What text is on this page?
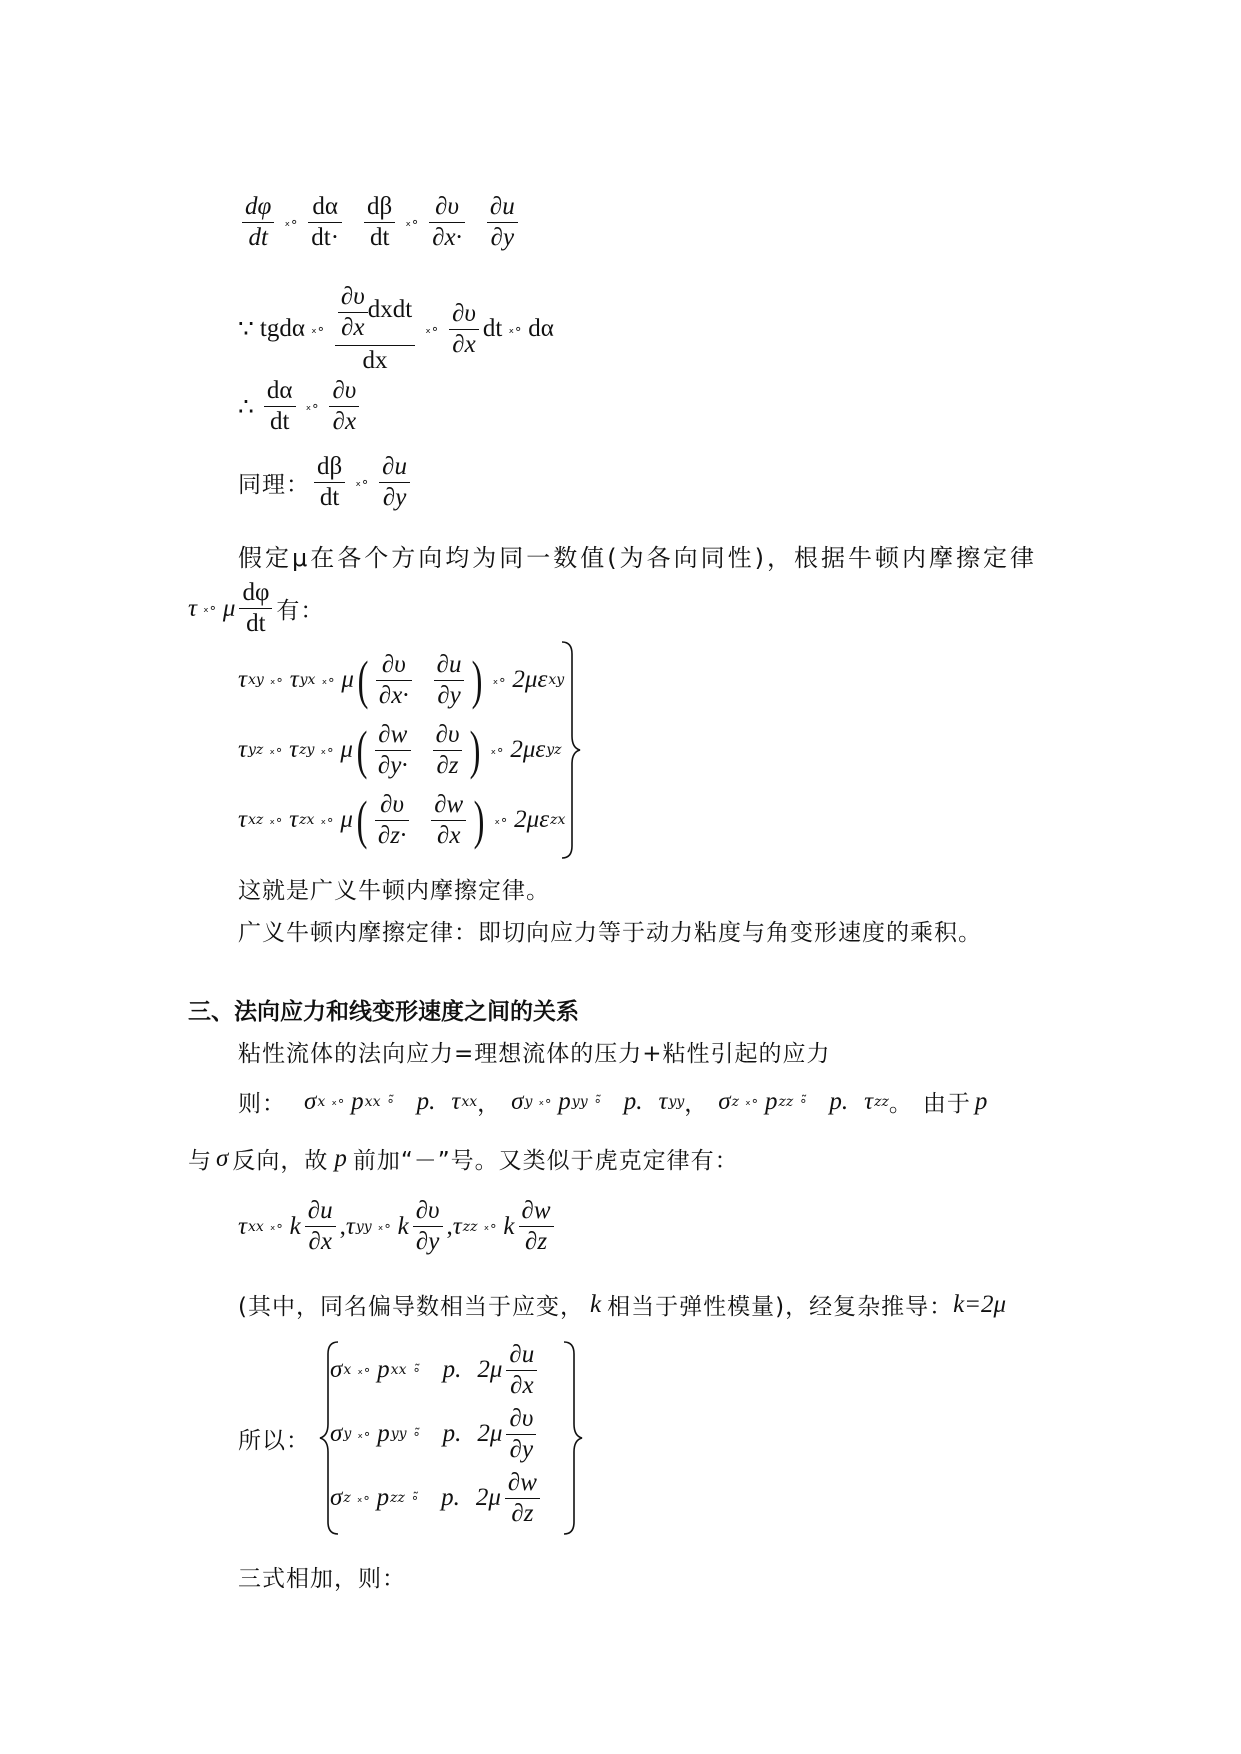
$\frac{d\varphi}{dt}$ ₓ∘ $\frac{d\alpha}{dt\cdot} \frac{d\beta}{dt}$ ₓ∘ $\frac{\partial\upsilon}{\partial x\cdot} \frac{\partial u}{\partial y}$
∵ tgdα ₓ∘ $\frac{\frac{\partial\upsilon}{\partial x} dxdt}{dx}$ ₓ∘ $\frac{\partial\upsilon}{\partial x}$ dt ₓ∘ dα
∴ $\frac{d\alpha}{dt}$ ₓ∘ $\frac{\partial\upsilon}{\partial x}$
同理： $\frac{d\beta}{dt}$ ₓ∘ $\frac{\partial u}{\partial y}$
假定μ在各个方向均为同一数值(为各向同性)，根据牛顿内摩擦定律
τ ₓ∘ μ $\frac{d\varphi}{dt}$ 有：
τ xy ₓ∘ τ yx ₓ∘ μ ( $\frac{\partial\upsilon}{\partial x\cdot} \frac{\partial u}{\partial y}$ ) ₓ∘ 2μ ε xy
τ yz ₓ∘ τ zy ₓ∘ μ ( $\frac{\partial w}{\partial y\cdot} \frac{\partial\upsilon}{\partial z}$ ) ₓ∘ 2μ ε yz
τ xz ₓ∘ τ zx ₓ∘ μ ( $\frac{\partial\upsilon}{\partial z\cdot} \frac{\partial w}{\partial x}$ ) ₓ∘ 2μ ε zx
这就是广义牛顿内摩擦定律。
广义牛顿内摩擦定律：即切向应力等于动力粘度与角变形速度的乘积。
三、法向应力和线变形速度之间的关系
粘性流体的法向应力=理想流体的压力+粘性引起的应力
则： σ x ₓ∘ p xx ∘̃ p. τ xx ， σ y ₓ∘ p yy ∘̃ p. τ yy ， σ z ₓ∘ p zz ∘̃ p. τ zz 。 由于 p
与 σ 反向，故 p 前加“－”号。又类似于虎克定律有：
τ xx ₓ∘ k $\frac{\partial u}{\partial x}$ , τ yy ₓ∘ k $\frac{\partial\upsilon}{\partial y}$ , τ zz ₓ∘ k $\frac{\partial w}{\partial z}$
(其中，同名偏导数相当于应变， k 相当于弹性模量)，经复杂推导： k=2μ
所以：
σ x ₓ∘ p xx ∘̃ p. $2\mu \frac{\partial u}{\partial x}$
σ y ₓ∘ p yy ∘̃ p. $2\mu \frac{\partial\upsilon}{\partial y}$
σ z ₓ∘ p zz ∘̃ p. $2\mu \frac{\partial w}{\partial z}$
三式相加，则：
